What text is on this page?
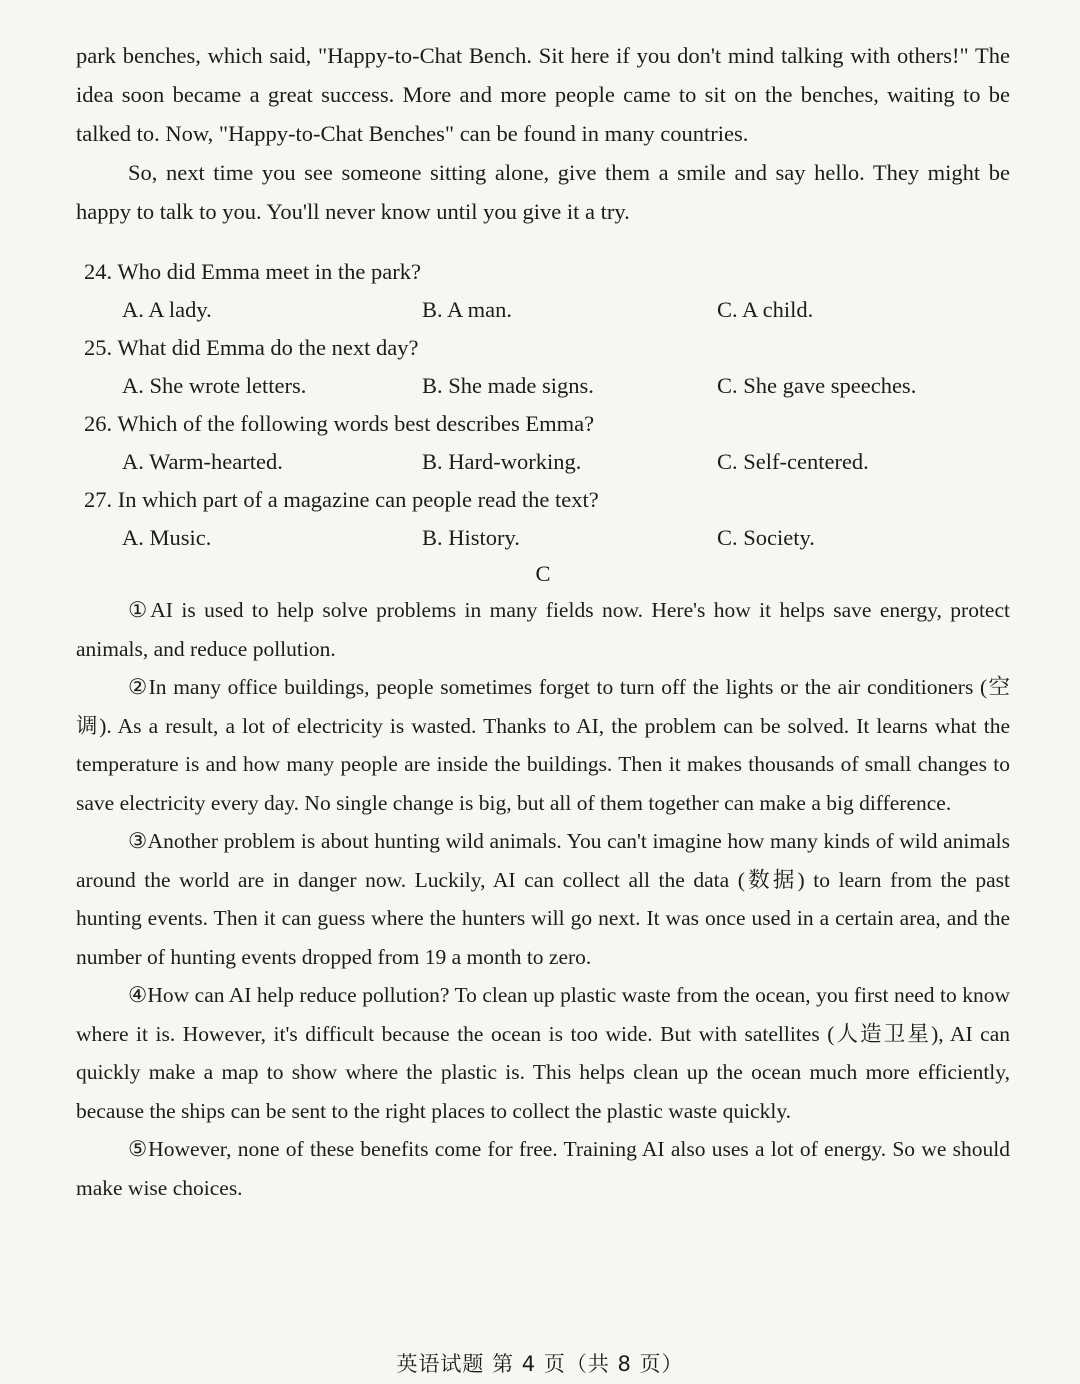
park benches, which said, "Happy-to-Chat Bench. Sit here if you don't mind talking with others!" The idea soon became a great success. More and more people came to sit on the benches, waiting to be talked to. Now, "Happy-to-Chat Benches" can be found in many countries.

So, next time you see someone sitting alone, give them a smile and say hello. They might be happy to talk to you. You'll never know until you give it a try.

24. Who did Emma meet in the park?

A. A lady.	B. A man.	C. A child.

25. What did Emma do the next day?

A. She wrote letters.	B. She made signs.	C. She gave speeches.

26. Which of the following words best describes Emma?

A. Warm-hearted.	B. Hard-working.	C. Self-centered.

27. In which part of a magazine can people read the text?

A. Music.	B. History.	C. Society.

C

①AI is used to help solve problems in many fields now. Here's how it helps save energy, protect animals, and reduce pollution.

②In many office buildings, people sometimes forget to turn off the lights or the air conditioners (空调). As a result, a lot of electricity is wasted. Thanks to AI, the problem can be solved. It learns what the temperature is and how many people are inside the buildings. Then it makes thousands of small changes to save electricity every day. No single change is big, but all of them together can make a big difference.

③Another problem is about hunting wild animals. You can't imagine how many kinds of wild animals around the world are in danger now. Luckily, AI can collect all the data (数据) to learn from the past hunting events. Then it can guess where the hunters will go next. It was once used in a certain area, and the number of hunting events dropped from 19 a month to zero.

④How can AI help reduce pollution? To clean up plastic waste from the ocean, you first need to know where it is. However, it's difficult because the ocean is too wide. But with satellites (人造卫星), AI can quickly make a map to show where the plastic is. This helps clean up the ocean much more efficiently, because the ships can be sent to the right places to collect the plastic waste quickly.

⑤However, none of these benefits come for free. Training AI also uses a lot of energy. So we should make wise choices.

英语试题 第 4 页（共 8 页）
